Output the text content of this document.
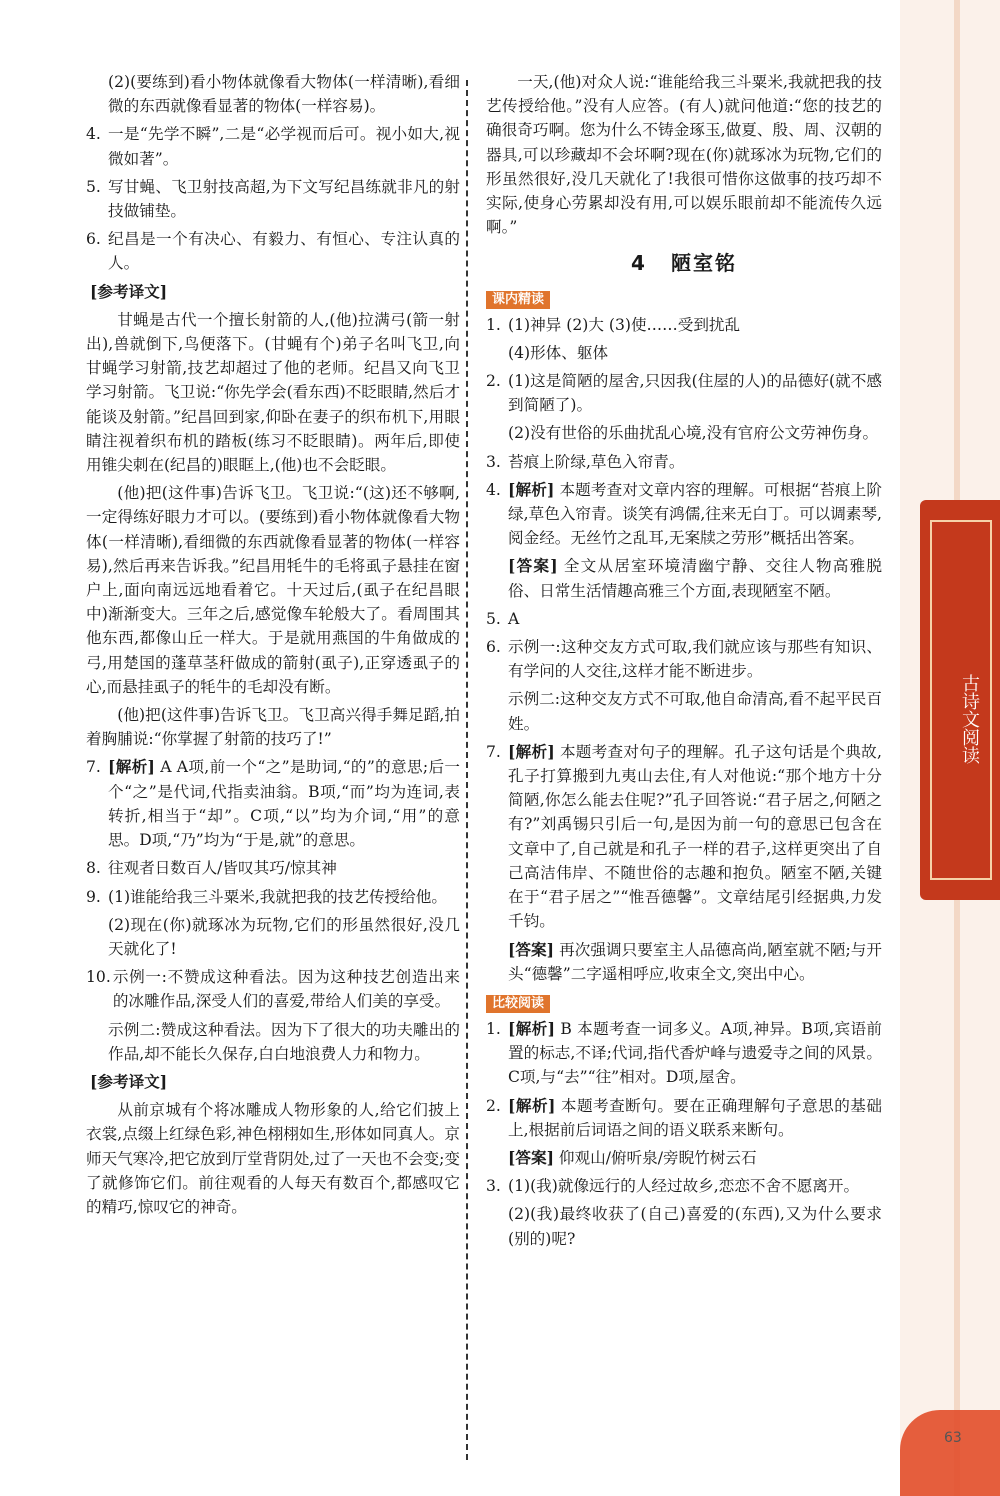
古诗文阅读
63
(2)(要练到)看小物体就像看大物体(一样清晰),看细微的东西就像看显著的物体(一样容易)。
4. 一是“先学不瞬”,二是“必学视而后可。视小如大,视微如著”。
5. 写甘蝇、飞卫射技高超,为下文写纪昌练就非凡的射技做铺垫。
6. 纪昌是一个有决心、有毅力、有恒心、专注认真的人。
[参考译文]
甘蝇是古代一个擅长射箭的人,(他)拉满弓(箭一射出),兽就倒下,鸟便落下。(甘蝇有个)弟子名叫飞卫,向甘蝇学习射箭,技艺却超过了他的老师。纪昌又向飞卫学习射箭。飞卫说:“你先学会(看东西)不眨眼睛,然后才能谈及射箭。”纪昌回到家,仰卧在妻子的织布机下,用眼睛注视着织布机的踏板(练习不眨眼睛)。两年后,即使用锥尖刺在(纪昌的)眼眶上,(他)也不会眨眼。
(他)把(这件事)告诉飞卫。飞卫说:“(这)还不够啊,一定得练好眼力才可以。(要练到)看小物体就像看大物体(一样清晰),看细微的东西就像看显著的物体(一样容易),然后再来告诉我。”纪昌用牦牛的毛将虱子悬挂在窗户上,面向南远远地看着它。十天过后,(虱子在纪昌眼中)渐渐变大。三年之后,感觉像车轮般大了。看周围其他东西,都像山丘一样大。于是就用燕国的牛角做成的弓,用楚国的蓬草茎秆做成的箭射(虱子),正穿透虱子的心,而悬挂虱子的牦牛的毛却没有断。
(他)把(这件事)告诉飞卫。飞卫高兴得手舞足蹈,拍着胸脯说:“你掌握了射箭的技巧了!”
7. [解析] A A项,前一个“之”是助词,“的”的意思;后一个“之”是代词,代指卖油翁。B项,“而”均为连词,表转折,相当于“却”。C项,“以”均为介词,“用”的意思。D项,“乃”均为“于是,就”的意思。
8. 往观者日数百人/皆叹其巧/惊其神
9. (1)谁能给我三斗粟米,我就把我的技艺传授给他。
(2)现在(你)就琢冰为玩物,它们的形虽然很好,没几天就化了!
10. 示例一:不赞成这种看法。因为这种技艺创造出来的冰雕作品,深受人们的喜爱,带给人们美的享受。
示例二:赞成这种看法。因为下了很大的功夫雕出的作品,却不能长久保存,白白地浪费人力和物力。
[参考译文]
从前京城有个将冰雕成人物形象的人,给它们披上衣裳,点缀上红绿色彩,神色栩栩如生,形体如同真人。京师天气寒冷,把它放到厅堂背阴处,过了一天也不会变;变了就修饰它们。前往观看的人每天有数百个,都感叹它的精巧,惊叹它的神奇。
一天,(他)对众人说:“谁能给我三斗粟米,我就把我的技艺传授给他。”没有人应答。(有人)就问他道:“您的技艺的确很奇巧啊。您为什么不铸金琢玉,做夏、殷、周、汉朝的器具,可以珍藏却不会坏啊?现在(你)就琢冰为玩物,它们的形虽然很好,没几天就化了!我很可惜你这做事的技巧却不实际,使身心劳累却没有用,可以娱乐眼前却不能流传久远啊。”
4 陋室铭
课内精读
1. (1)神异 (2)大 (3)使……受到扰乱
(4)形体、躯体
2. (1)这是简陋的屋舍,只因我(住屋的人)的品德好(就不感到简陋了)。
(2)没有世俗的乐曲扰乱心境,没有官府公文劳神伤身。
3. 苔痕上阶绿,草色入帘青。
4. [解析] 本题考查对文章内容的理解。可根据“苔痕上阶绿,草色入帘青。谈笑有鸿儒,往来无白丁。可以调素琴,阅金经。无丝竹之乱耳,无案牍之劳形”概括出答案。
[答案] 全文从居室环境清幽宁静、交往人物高雅脱俗、日常生活情趣高雅三个方面,表现陋室不陋。
5. A
6. 示例一:这种交友方式可取,我们就应该与那些有知识、有学问的人交往,这样才能不断进步。
示例二:这种交友方式不可取,他自命清高,看不起平民百姓。
7. [解析] 本题考查对句子的理解。孔子这句话是个典故,孔子打算搬到九夷山去住,有人对他说:“那个地方十分简陋,你怎么能去住呢?”孔子回答说:“君子居之,何陋之有?”刘禹锡只引后一句,是因为前一句的意思已包含在文章中了,自己就是和孔子一样的君子,这样更突出了自己高洁伟岸、不随世俗的志趣和抱负。陋室不陋,关键在于“君子居之”“惟吾德馨”。文章结尾引经据典,力发千钧。
[答案] 再次强调只要室主人品德高尚,陋室就不陋;与开头“德馨”二字遥相呼应,收束全文,突出中心。
比较阅读
1. [解析] B 本题考查一词多义。A项,神异。B项,宾语前置的标志,不译;代词,指代香炉峰与遗爱寺之间的风景。C项,与“去”“往”相对。D项,屋舍。
2. [解析] 本题考查断句。要在正确理解句子意思的基础上,根据前后词语之间的语义联系来断句。
[答案] 仰观山/俯听泉/旁睨竹树云石
3. (1)(我)就像远行的人经过故乡,恋恋不舍不愿离开。
(2)(我)最终收获了(自己)喜爱的(东西),又为什么要求(别的)呢?
